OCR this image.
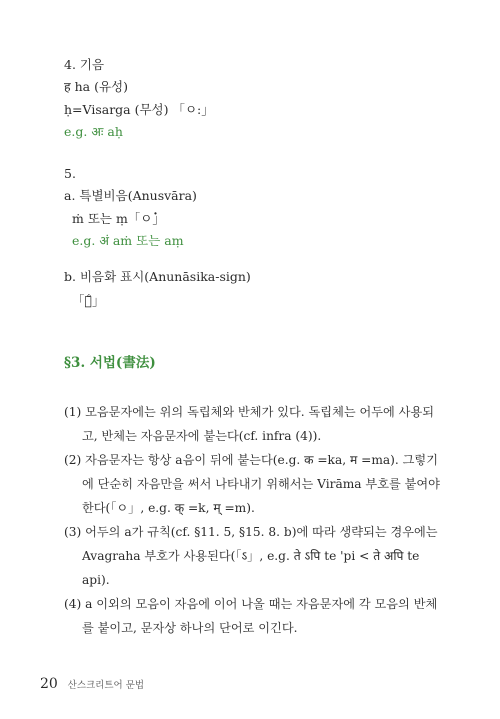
4. 기음
ह ha (유성)
ḥ=Visarga (무성) 「ㅇ:」
e.g. अः aḥ
5.
a. 특별비음(Anusvāra)
ṁ 또는 ṃ「ㅇ̇」
e.g. अं aṁ 또는 aṃ
b. 비음화 표시(Anunāsika-sign)
「ㅇ̐」
§3. 서법(書法)
(1) 모음문자에는 위의 독립체와 반체가 있다. 독립체는 어두에 사용되고, 반체는 자음문자에 붙는다(cf. infra (4)).
(2) 자음문자는 항상 a음이 뒤에 붙는다(e.g. क =ka, म =ma). 그렇기에 단순히 자음만을 써서 나타내기 위해서는 Virāma 부호를 붙여야 한다(「ㅇ」, e.g. क् =k, म् =m).
(3) 어두의 a가 규칙(cf. §11. 5, §15. 8. b)에 따라 생략되는 경우에는 Avagraha 부호가 사용된다(「ऽ」, e.g. ते ऽपि te 'pi < ते अपि te api).
(4) a 이외의 모음이 자음에 이어 나올 때는 자음문자에 각 모음의 반체를 붙이고, 문자상 하나의 단어로 이긴다.
20 산스크리트어 문법
